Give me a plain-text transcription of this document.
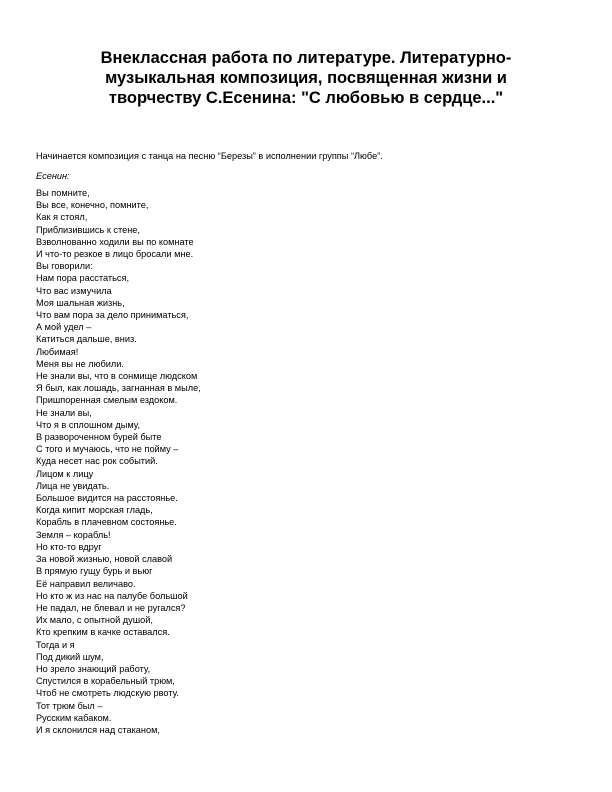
Внеклассная работа по литературе. Литературно-
музыкальная композиция, посвященная жизни и
творчеству С.Есенина: "С любовью в сердце..."

Начинается композиция с танца на песню “Березы” в исполнении группы “Любе”.

Есенин:

Вы помните,
Вы все, конечно, помните,
Как я стоял,
Приблизившись к стене,
Взволнованно ходили вы по комнате
И что-то резкое в лицо бросали мне.
Вы говорили:
Нам пора расстаться,
Что вас измучила
Моя шальная жизнь,
Что вам пора за дело приниматься,
А мой удел –
Катиться дальше, вниз.
Любимая!
Меня вы не любили.
Не знали вы, что в сонмище людском
Я был, как лошадь, загнанная в мыле,
Пришпоренная смелым ездоком.
Не знали вы,
Что я в сплошном дыму,
В развороченном бурей быте
С того и мучаюсь, что не пойму –
Куда несет нас рок событий.
Лицом к лицу
Лица не увидать.
Большое видится на расстоянье.
Когда кипит морская гладь,
Корабль в плачевном состоянье.
Земля – корабль!
Но кто-то вдруг
За новой жизнью, новой славой
В прямую гущу бурь и вьюг
Её направил величаво.
Но кто ж из нас на палубе большой
Не падал, не блевал и не ругался?
Их мало, с опытной душой,
Кто крепким в качке оставался.
Тогда и я
Под дикий шум,
Но зрело знающий работу,
Спустился в корабельный трюм,
Чтоб не смотреть людскую рвоту.
Тот трюм был –
Русским кабаком.
И я склонился над стаканом,
